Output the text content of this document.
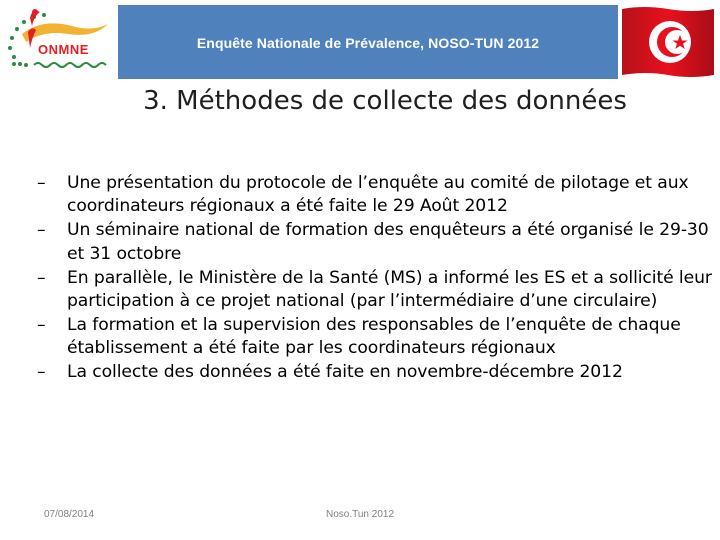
ONMNE	Enquête Nationale de Prévalence, NOSO-TUN 2012
3. Méthodes de collecte des données
– Une présentation du protocole de l’enquête au comité de pilotage et aux coordinateurs régionaux a été faite le 29 Août 2012
– Un séminaire national de formation des enquêteurs a été organisé le 29-30 et 31 octobre
– En parallèle, le Ministère de la Santé (MS) a informé les ES et a sollicité leur participation à ce projet national (par l’intermédiaire d’une circulaire)
– La formation et la supervision des responsables de l’enquête de chaque établissement a été faite par les coordinateurs régionaux
– La collecte des données a été faite en novembre-décembre 2012
07/08/2014	Noso.Tun 2012
